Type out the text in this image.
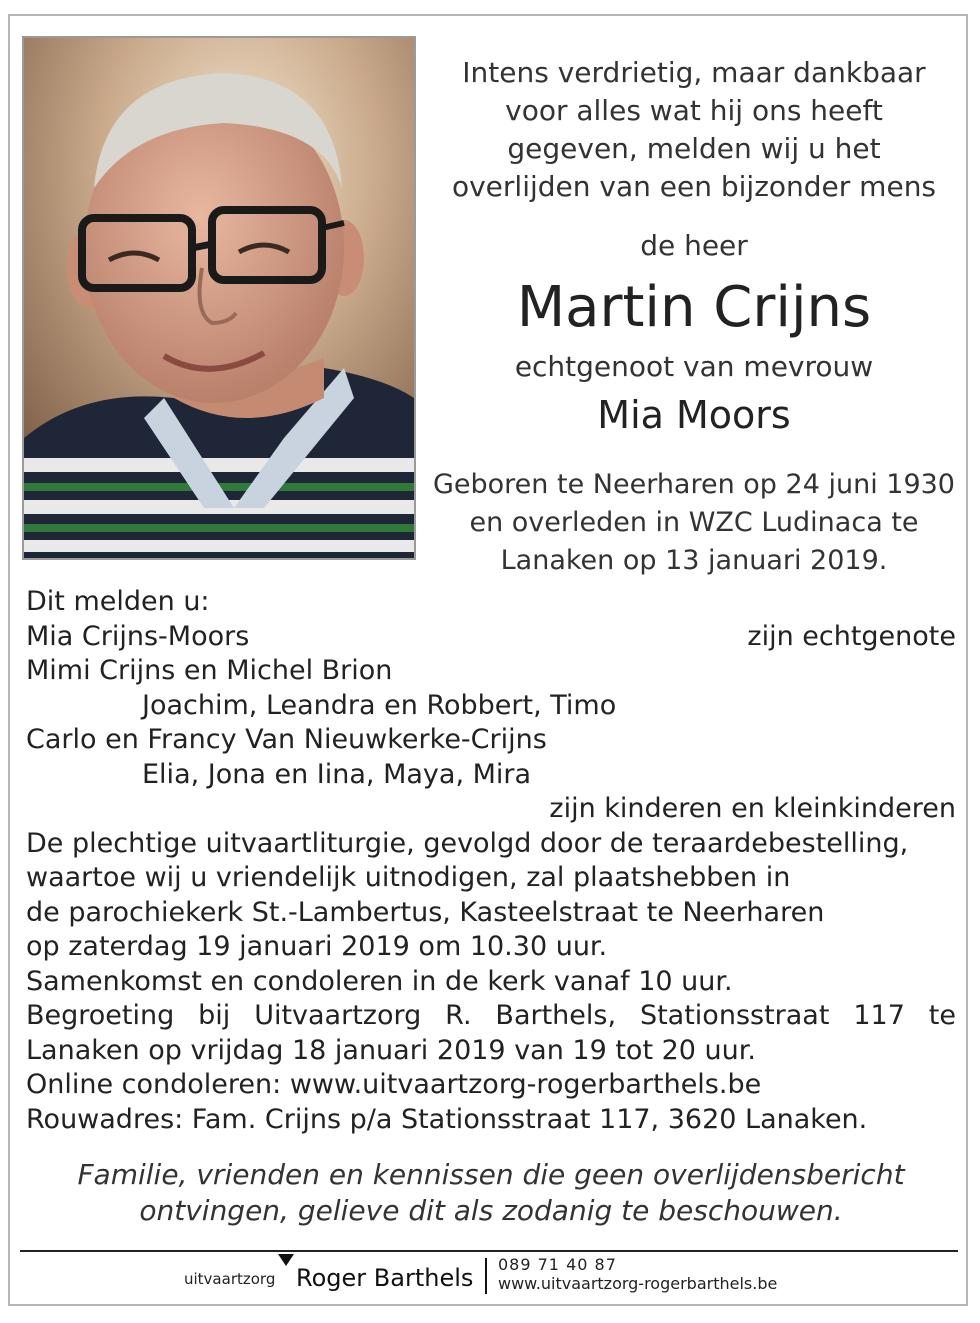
Intens verdrietig, maar dankbaar
voor alles wat hij ons heeft
gegeven, melden wij u het
overlijden van een bijzonder mens
de heer
Martin Crijns
echtgenoot van mevrouw
Mia Moors
Geboren te Neerharen op 24 juni 1930
en overleden in WZC Ludinaca te
Lanaken op 13 januari 2019.
Dit melden u:
Mia Crijns-Moors	zijn echtgenote
Mimi Crijns en Michel Brion
Joachim, Leandra en Robbert, Timo
Carlo en Francy Van Nieuwkerke-Crijns
Elia, Jona en Iina, Maya, Mira
zijn kinderen en kleinkinderen
De plechtige uitvaartliturgie, gevolgd door de teraardebestelling,
waartoe wij u vriendelijk uitnodigen, zal plaatshebben in
de parochiekerk St.-Lambertus, Kasteelstraat te Neerharen
op zaterdag 19 januari 2019 om 10.30 uur.
Samenkomst en condoleren in de kerk vanaf 10 uur.
Begroeting bij Uitvaartzorg R. Barthels, Stationsstraat 117 te
Lanaken op vrijdag 18 januari 2019 van 19 tot 20 uur.
Online condoleren: www.uitvaartzorg-rogerbarthels.be
Rouwadres: Fam. Crijns p/a Stationsstraat 117, 3620 Lanaken.
Familie, vrienden en kennissen die geen overlijdensbericht
ontvingen, gelieve dit als zodanig te beschouwen.
uitvaartzorg Roger Barthels 089 71 40 87
www.uitvaartzorg-rogerbarthels.be
